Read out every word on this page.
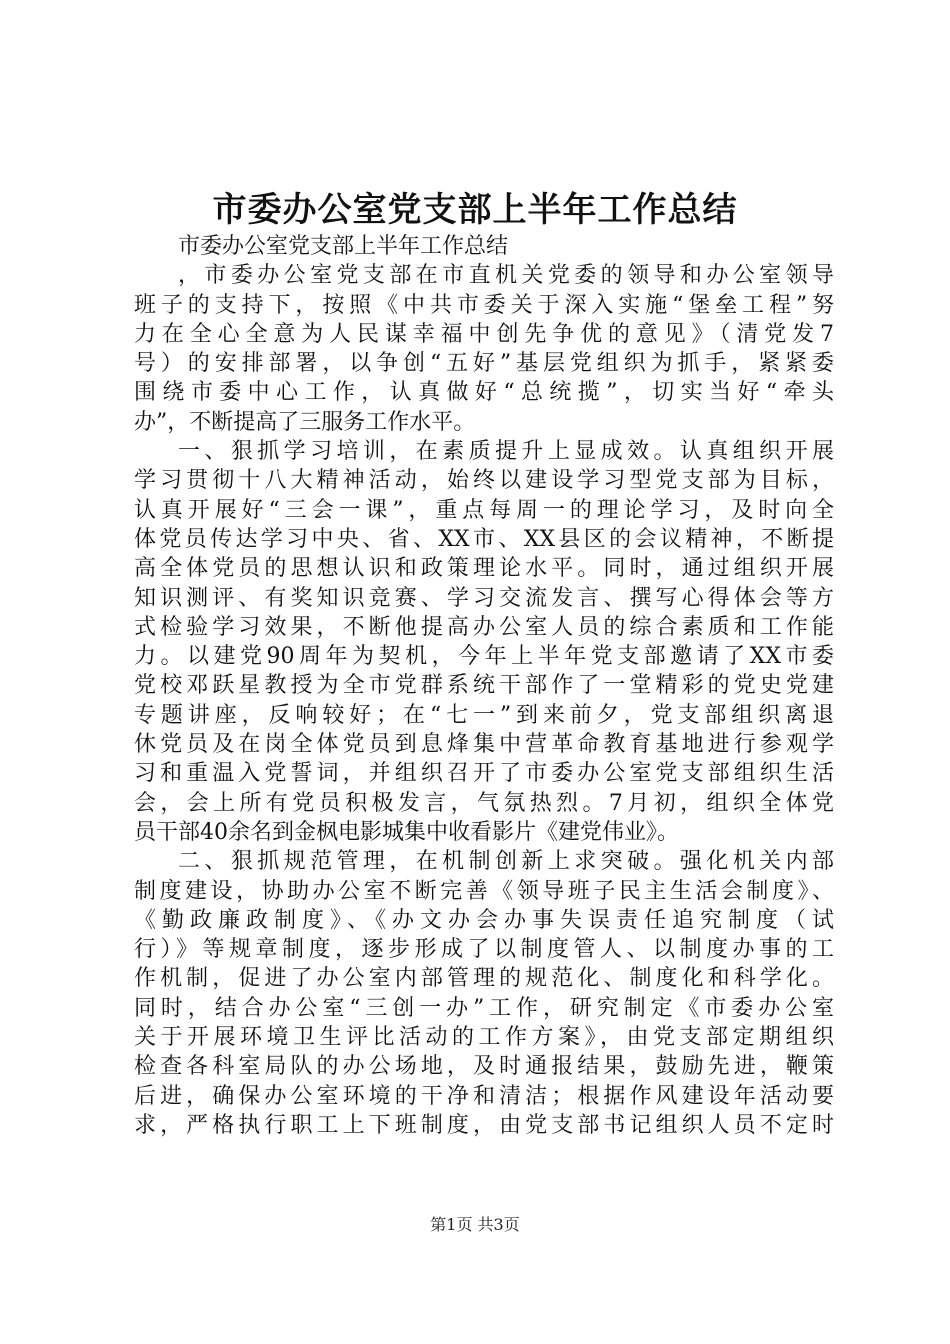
市委办公室党支部上半年工作总结
市委办公室党支部上半年工作总结
，市委办公室党支部在市直机关党委的领导和办公室领导
班子的支持下，按照《中共市委关于深入实施“堡垒工程”努
力在全心全意为人民谋幸福中创先争优的意见》（清党发7
号）的安排部署，以争创“五好”基层党组织为抓手，紧紧委
围绕市委中心工作，认真做好“总统揽”，切实当好“牵头
办”，不断提高了三服务工作水平。
一、狠抓学习培训，在素质提升上显成效。认真组织开展
学习贯彻十八大精神活动，始终以建设学习型党支部为目标，
认真开展好“三会一课”，重点每周一的理论学习，及时向全
体党员传达学习中央、省、XX市、XX县区的会议精神，不断提
高全体党员的思想认识和政策理论水平。同时，通过组织开展
知识测评、有奖知识竞赛、学习交流发言、撰写心得体会等方
式检验学习效果，不断他提高办公室人员的综合素质和工作能
力。以建党90周年为契机，今年上半年党支部邀请了XX市委
党校邓跃星教授为全市党群系统干部作了一堂精彩的党史党建
专题讲座，反响较好；在“七一”到来前夕，党支部组织离退
休党员及在岗全体党员到息烽集中营革命教育基地进行参观学
习和重温入党誓词，并组织召开了市委办公室党支部组织生活
会，会上所有党员积极发言，气氛热烈。7月初，组织全体党
员干部40余名到金枫电影城集中收看影片《建党伟业》。
二、狠抓规范管理，在机制创新上求突破。强化机关内部
制度建设，协助办公室不断完善《领导班子民主生活会制度》、
《勤政廉政制度》、《办文办会办事失误责任追究制度（试
行）》等规章制度，逐步形成了以制度管人、以制度办事的工
作机制，促进了办公室内部管理的规范化、制度化和科学化。
同时，结合办公室“三创一办”工作，研究制定《市委办公室
关于开展环境卫生评比活动的工作方案》，由党支部定期组织
检查各科室局队的办公场地，及时通报结果，鼓励先进，鞭策
后进，确保办公室环境的干净和清洁；根据作风建设年活动要
求，严格执行职工上下班制度，由党支部书记组织人员不定时
第1页 共3页
